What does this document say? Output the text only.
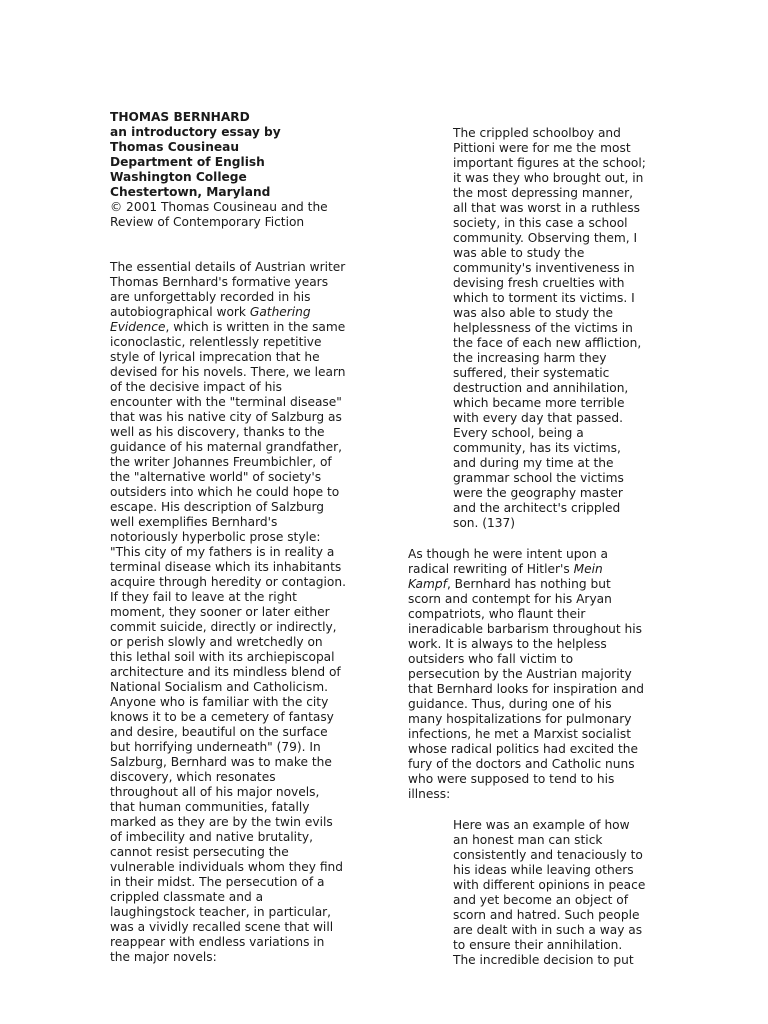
THOMAS BERNHARD
an introductory essay by
Thomas Cousineau
Department of English
Washington College
Chestertown, Maryland
© 2001 Thomas Cousineau and the
Review of Contemporary Fiction
The essential details of Austrian writer
Thomas Bernhard's formative years
are unforgettably recorded in his
autobiographical work Gathering
Evidence, which is written in the same
iconoclastic, relentlessly repetitive
style of lyrical imprecation that he
devised for his novels. There, we learn
of the decisive impact of his
encounter with the "terminal disease"
that was his native city of Salzburg as
well as his discovery, thanks to the
guidance of his maternal grandfather,
the writer Johannes Freumbichler, of
the "alternative world" of society's
outsiders into which he could hope to
escape. His description of Salzburg
well exemplifies Bernhard's
notoriously hyperbolic prose style:
"This city of my fathers is in reality a
terminal disease which its inhabitants
acquire through heredity or contagion.
If they fail to leave at the right
moment, they sooner or later either
commit suicide, directly or indirectly,
or perish slowly and wretchedly on
this lethal soil with its archiepiscopal
architecture and its mindless blend of
National Socialism and Catholicism.
Anyone who is familiar with the city
knows it to be a cemetery of fantasy
and desire, beautiful on the surface
but horrifying underneath" (79). In
Salzburg, Bernhard was to make the
discovery, which resonates
throughout all of his major novels,
that human communities, fatally
marked as they are by the twin evils
of imbecility and native brutality,
cannot resist persecuting the
vulnerable individuals whom they find
in their midst. The persecution of a
crippled classmate and a
laughingstock teacher, in particular,
was a vividly recalled scene that will
reappear with endless variations in
the major novels:
The crippled schoolboy and
Pittioni were for me the most
important figures at the school;
it was they who brought out, in
the most depressing manner,
all that was worst in a ruthless
society, in this case a school
community. Observing them, I
was able to study the
community's inventiveness in
devising fresh cruelties with
which to torment its victims. I
was also able to study the
helplessness of the victims in
the face of each new affliction,
the increasing harm they
suffered, their systematic
destruction and annihilation,
which became more terrible
with every day that passed.
Every school, being a
community, has its victims,
and during my time at the
grammar school the victims
were the geography master
and the architect's crippled
son. (137)
As though he were intent upon a
radical rewriting of Hitler's Mein
Kampf, Bernhard has nothing but
scorn and contempt for his Aryan
compatriots, who flaunt their
ineradicable barbarism throughout his
work. It is always to the helpless
outsiders who fall victim to
persecution by the Austrian majority
that Bernhard looks for inspiration and
guidance. Thus, during one of his
many hospitalizations for pulmonary
infections, he met a Marxist socialist
whose radical politics had excited the
fury of the doctors and Catholic nuns
who were supposed to tend to his
illness:
Here was an example of how
an honest man can stick
consistently and tenaciously to
his ideas while leaving others
with different opinions in peace
and yet become an object of
scorn and hatred. Such people
are dealt with in such a way as
to ensure their annihilation.
The incredible decision to put
